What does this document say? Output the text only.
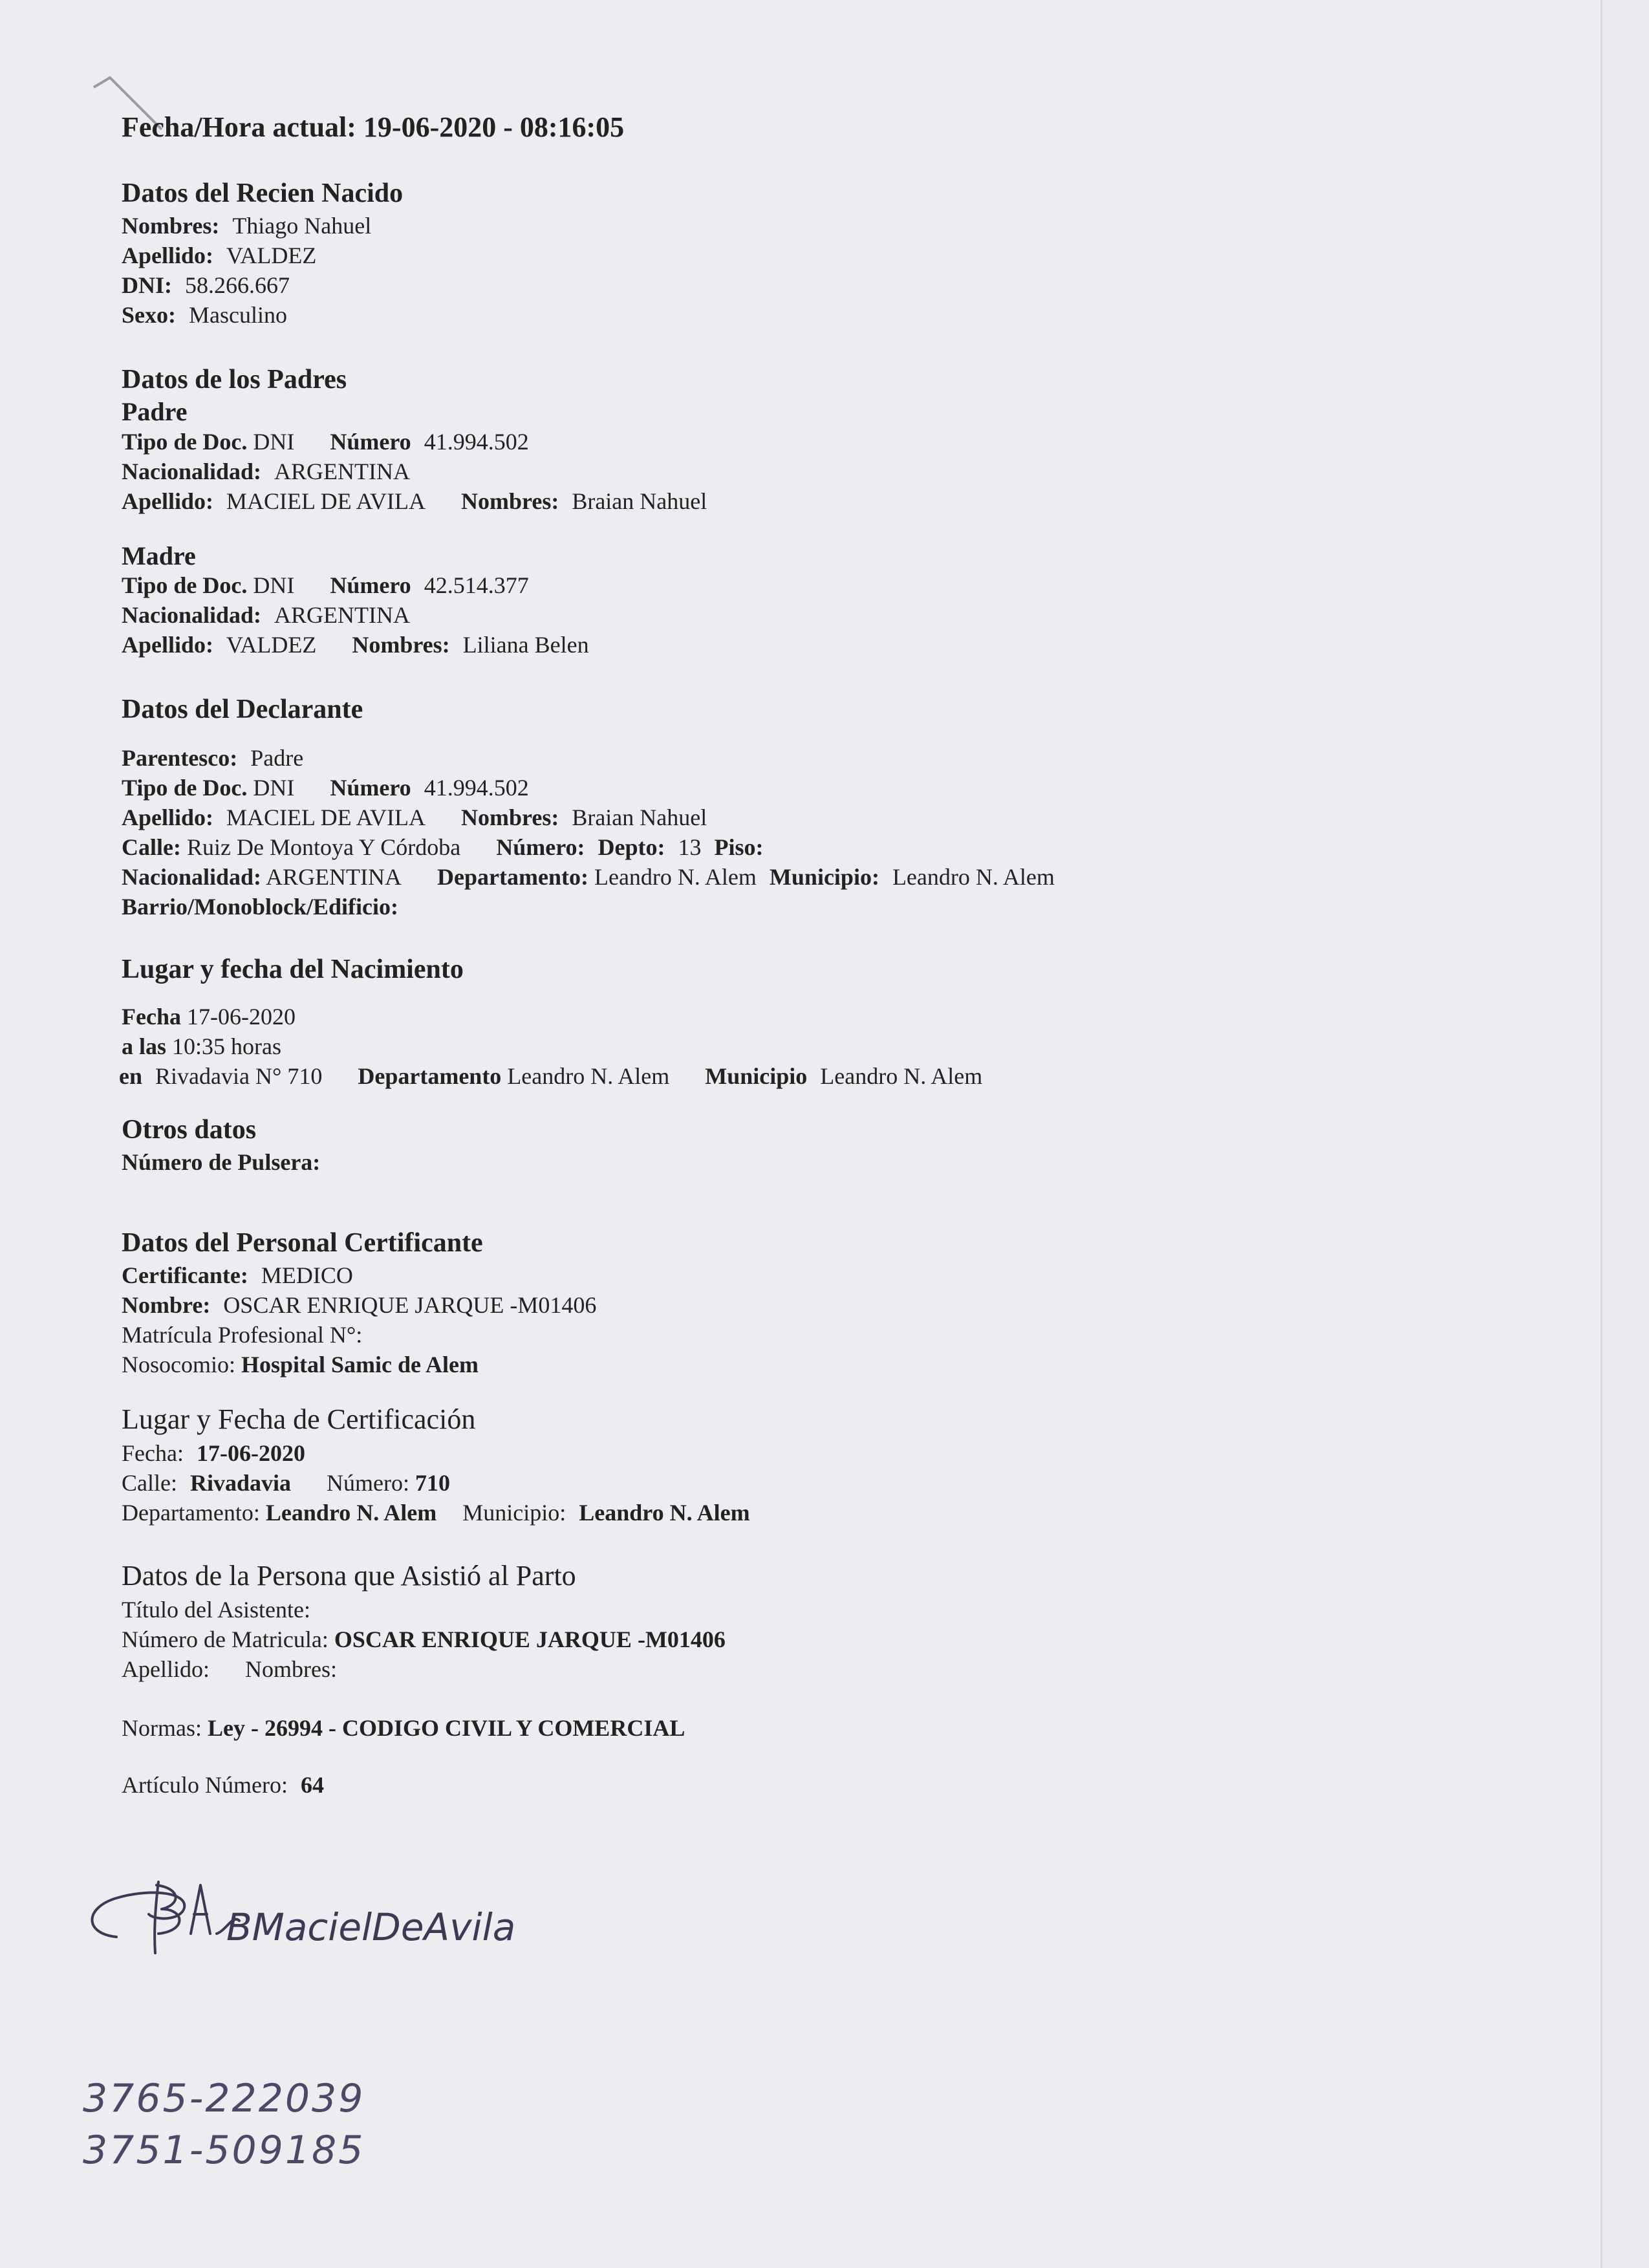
Fecha/Hora actual: 19-06-2020 - 08:16:05
Datos del Recien Nacido
Nombres: Thiago Nahuel
Apellido: VALDEZ
DNI: 58.266.667
Sexo: Masculino
Datos de los Padres
Padre
Tipo de Doc. DNI Número 41.994.502
Nacionalidad: ARGENTINA
Apellido: MACIEL DE AVILA Nombres: Braian Nahuel
Madre
Tipo de Doc. DNI Número 42.514.377
Nacionalidad: ARGENTINA
Apellido: VALDEZ Nombres: Liliana Belen
Datos del Declarante
Parentesco: Padre
Tipo de Doc. DNI Número 41.994.502
Apellido: MACIEL DE AVILA Nombres: Braian Nahuel
Calle: Ruiz De Montoya Y Córdoba Número: Depto: 13 Piso:
Nacionalidad: ARGENTINA Departamento: Leandro N. Alem Municipio: Leandro N. Alem
Barrio/Monoblock/Edificio:
Lugar y fecha del Nacimiento
Fecha 17-06-2020
a las 10:35 horas
en Rivadavia N° 710 Departamento Leandro N. Alem Municipio Leandro N. Alem
Otros datos
Número de Pulsera:
Datos del Personal Certificante
Certificante: MEDICO
Nombre: OSCAR ENRIQUE JARQUE -M01406
Matrícula Profesional N°:
Nosocomio: Hospital Samic de Alem
Lugar y Fecha de Certificación
Fecha: 17-06-2020
Calle: Rivadavia Número: 710
Departamento: Leandro N. Alem Municipio: Leandro N. Alem
Datos de la Persona que Asistió al Parto
Título del Asistente:
Número de Matricula: OSCAR ENRIQUE JARQUE -M01406
Apellido: Nombres:
Normas: Ley - 26994 - CODIGO CIVIL Y COMERCIAL
Artículo Número: 64
BMacielDeAvila
3765-222039
3751-509185
